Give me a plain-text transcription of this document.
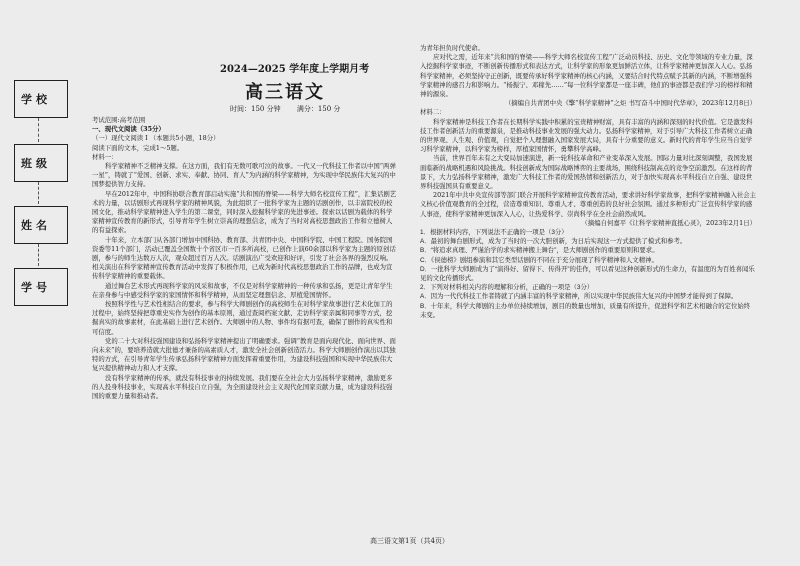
学校
班级
姓名
学号
2024—2025 学年度上学期月考
高三语文
时间：150 分钟 满分：150 分

考试范围:高考范围

一、现代文阅读（35分）

（一）现代文阅读 I （本题共5小题，18分）

阅读下面的文本，完成1～5题。

材料一：

科学家精神不乏精神支撑。在这方面，我们有无数可歌可泣的故事。一代又一代科技工作者以中国“两弹一星”，铸就了“爱国、创新、求实、奉献、协同、育人”为内涵的科学家精神，为实现中华民族伟大复兴的中国梦提供智力支持。

早在2012年中，中国科协联合教育部启动实施“共和国的脊梁——科学大师名校宣传工程”，汇集话剧艺术的力量，以话剧形式再现科学家的精神风貌，为此组织了一批科学家为主题的话剧创作，以丰富院校的校园文化，推动科学家精神进入学生的第二课堂，同时深入挖掘科学家的先进事迹。探索以话剧为载体的科学家精神宣传教育的新形式，引导青年学生树立崇高的理想信念，成为了当时对高校思想政治工作和立德树人的有益探索。

十年来，立本部门从各部门增加中国科协、教育部、共青团中央、中国科学院、中国工程院、国务院国资委等11个部门，活动已覆盖全国数十个省区市一百多所高校，已创作上演60余部以科学家为主题的原创话剧，参与的师生达数万人次，观众超过百万人次。话剧演出广受欢迎和好评，引发了社会各界的强烈反响。相关演出在科学家精神宣传教育活动中发挥了积极作用，已成为新时代高校思想政治工作的品牌，也成为宣传科学家精神的重要载体。

通过舞台艺术形式再现科学家的风采和故事，不仅是对科学家精神的一种传承和弘扬，更是让青年学生在亲身参与中感受科学家的家国情怀和科学精神，从而坚定理想信念、厚植爱国情怀。

按照科学性与艺术性相结合的要求，参与科学大师剧创作的高校师生在对科学家故事进行艺术化加工的过程中，始终坚持把尊重史实作为创作的基本原则，通过查阅档案文献、走访科学家亲属和同事等方式，挖掘真实的故事素材，在此基础上进行艺术创作。大师剧中的人物、事件均有据可查，确保了剧作的真实性和可信度。

党的二十大对科技强国建设和弘扬科学家精神提出了明确要求。强调“教育是面向现代化、面向世界、面向未来”的，要培养造就大批德才兼备的高素质人才，激发全社会创新创造活力。科学大师剧创作演出以其独特的方式，在引导青年学生传承弘扬科学家精神方面发挥着重要作用，为建设科技强国和实现中华民族伟大复兴提供精神动力和人才支撑。

没有科学家精神的传承，就没有科技事业的持续发展。我们要在全社会大力弘扬科学家精神，激励更多的人投身科技事业，实现高水平科技自立自强，为全面建设社会主义现代化国家贡献力量，成为建设科技强国的重要力量和推动者。

为青年担负时代使命。

应对代之需，近年来“共和国的脊梁——科学大师名校宣传工程”广泛动员科技、历史、文化等领域的专业力量，深入挖掘科学家事迹，不断创新传播形式和表达方式，让科学家的形象更加鲜活立体，让科学家精神更加深入人心。弘扬科学家精神，必须坚持守正创新，既要传承好科学家精神的核心内涵，又要结合时代特点赋予其新的内涵，不断增强科学家精神的感召力和影响力。“杨振宁、邓稼先……”每一位科学家都是一座丰碑，他们的事迹都是我们学习的榜样和精神的源泉。

（摘编自共青团中央《擎“科学家精神”之炬 书写奋斗中国时代华章》，2023年12月8日）

材料二：

科学家精神是科技工作者在长期科学实践中积累的宝贵精神财富，具有丰富的内涵和深刻的时代价值。它是激发科技工作者创新活力的重要源泉，是推动科技事业发展的强大动力。弘扬科学家精神，对于引导广大科技工作者树立正确的世界观、人生观、价值观，自觉把个人理想融入国家发展大局，具有十分重要的意义。新时代的青年学生应当自觉学习科学家精神，以科学家为榜样，厚植家国情怀，勇攀科学高峰。

当前，世界百年未有之大变局加速演进，新一轮科技革命和产业变革深入发展。国际力量对比深刻调整，我国发展面临新的战略机遇和风险挑战。科技创新成为国际战略博弈的主要战场，围绕科技制高点的竞争空前激烈。在这样的背景下，大力弘扬科学家精神，激发广大科技工作者的爱国热情和创新活力，对于加快实现高水平科技自立自强、建设世界科技强国具有重要意义。

2021年中共中央宣传部等部门联合开展科学家精神宣传教育活动，要求讲好科学家故事，把科学家精神融入社会主义核心价值观教育的全过程，营造尊重知识、尊重人才、尊重创造的良好社会氛围。通过多种形式广泛宣传科学家的感人事迹，使科学家精神更加深入人心，让热爱科学、崇尚科学在全社会蔚然成风。

（摘编自何嘉平《让科学家精神直抵心灵》，2023年2月1日）

1．根据材料内容，下列说法不正确的一项是（3分）

A．最初的舞台剧形式，成为了当时的一次大胆创新，为日后实现这一方式提供了模式和参考。

B．“将追求真理、严谨治学的求实精神搬上舞台”，是大师剧创作的重要原则和要求。

C．《侯德榜》剧组参演和其它类型话剧的不同在于充分展现了科学精神和人文精神。

D．一批科学大师剧成为了“演得好、留得下、传得开”的佳作，可以看见这种创新形式的生命力，有温度的为百姓喜闻乐见的文化传播形式。

2．下列对材料相关内容的理解和分析，正确的一项是（3分）

A．因为一代代科技工作者铸就了内涵丰富的科学家精神，所以实现中华民族伟大复兴的中国梦才能得到了保障。

B．十年来，科学大师剧的主办单位持续增加，剧目的数量也增加，质量有所提升，促进科学和艺术相融合的定位始终未变。

高三语文第1页（共4页）
